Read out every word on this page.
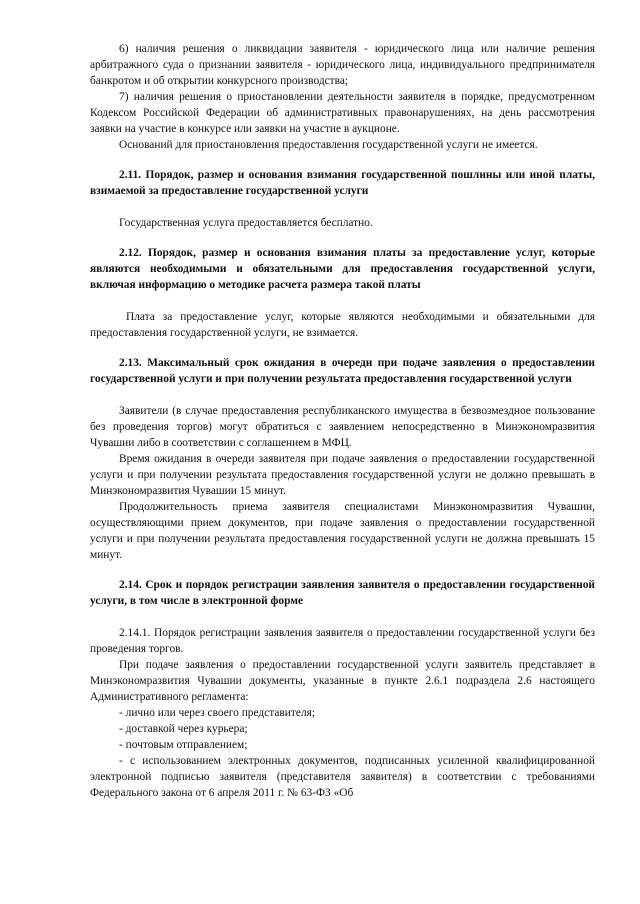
6) наличия решения о ликвидации заявителя - юридического лица или наличие решения арбитражного суда о признании заявителя - юридического лица, индивидуального предпринимателя банкротом и об открытии конкурсного производства;

7) наличия решения о приостановлении деятельности заявителя в порядке, предусмотренном Кодексом Российской Федерации об административных правонарушениях, на день рассмотрения заявки на участие в конкурсе или заявки на участие в аукционе.

Оснований для приостановления предоставления государственной услуги не имеется.

2.11. Порядок, размер и основания взимания государственной пошлины или иной платы, взимаемой за предоставление государственной услуги

Государственная услуга предоставляется бесплатно.

2.12. Порядок, размер и основания взимания платы за предоставление услуг, которые являются необходимыми и обязательными для предоставления государственной услуги, включая информацию о методике расчета размера такой платы

Плата за предоставление услуг, которые являются необходимыми и обязательными для предоставления государственной услуги, не взимается.

2.13. Максимальный срок ожидания в очереди при подаче заявления о предоставлении государственной услуги и при получении результата предоставления государственной услуги

Заявители (в случае предоставления республиканского имущества в безвозмездное пользование без проведения торгов) могут обратиться с заявлением непосредственно в Минэкономразвития Чувашии либо в соответствии с соглашением в МФЦ.

Время ожидания в очереди заявителя при подаче заявления о предоставлении государственной услуги и при получении результата предоставления государственной услуги не должно превышать в Минэкономразвития Чувашии 15 минут.

Продолжительность приема заявителя специалистами Минэкономразвития Чувашии, осуществляющими прием документов, при подаче заявления о предоставлении государственной услуги и при получении результата предоставления государственной услуги не должна превышать 15 минут.

2.14. Срок и порядок регистрации заявления заявителя о предоставлении государственной услуги, в том числе в электронной форме

2.14.1. Порядок регистрации заявления заявителя о предоставлении государственной услуги без проведения торгов.

При подаче заявления о предоставлении государственной услуги заявитель представляет в Минэкономразвития Чувашии документы, указанные в пункте 2.6.1 подраздела 2.6 настоящего Административного регламента:

- лично или через своего представителя;

- доставкой через курьера;

- почтовым отправлением;

- с использованием электронных документов, подписанных усиленной квалифицированной электронной подписью заявителя (представителя заявителя) в соответствии с требованиями Федерального закона от 6 апреля 2011 г. № 63-ФЗ «Об
